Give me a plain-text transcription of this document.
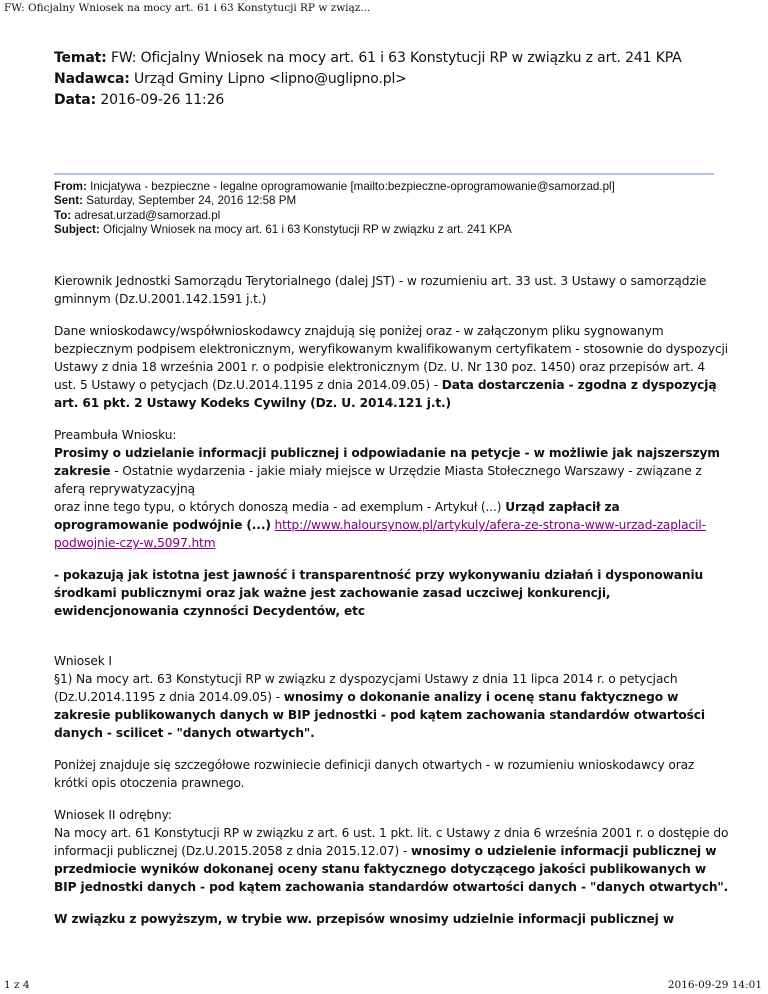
FW: Oficjalny Wniosek na mocy art. 61 i 63 Konstytucji RP w związ...
Temat: FW: Oficjalny Wniosek na mocy art. 61 i 63 Konstytucji RP w związku z art. 241 KPA
Nadawca: Urząd Gminy Lipno <lipno@uglipno.pl>
Data: 2016-09-26 11:26
From: Inicjatywa - bezpieczne - legalne oprogramowanie [mailto:bezpieczne-oprogramowanie@samorzad.pl]
Sent: Saturday, September 24, 2016 12:58 PM
To: adresat.urzad@samorzad.pl
Subject: Oficjalny Wniosek na mocy art. 61 i 63 Konstytucji RP w związku z art. 241 KPA

Kierownik Jednostki Samorządu Terytorialnego (dalej JST) - w rozumieniu art. 33 ust. 3 Ustawy o samorządzie gminnym (Dz.U.2001.142.1591 j.t.)

Dane wnioskodawcy/współwnioskodawcy znajdują się poniżej oraz - w załączonym pliku sygnowanym bezpiecznym podpisem elektronicznym, weryfikowanym kwalifikowanym certyfikatem - stosownie do dyspozycji Ustawy z dnia 18 września 2001 r. o podpisie elektronicznym (Dz. U. Nr 130 poz. 1450) oraz przepisów art. 4 ust. 5 Ustawy o petycjach (Dz.U.2014.1195 z dnia 2014.09.05) - Data dostarczenia - zgodna z dyspozycją art. 61 pkt. 2 Ustawy Kodeks Cywilny (Dz. U. 2014.121 j.t.)

Preambuła Wniosku:
Prosimy o udzielanie informacji publicznej i odpowiadanie na petycje - w możliwie jak najszerszym zakresie - Ostatnie wydarzenia - jakie miały miejsce w Urzędzie Miasta Stołecznego Warszawy - związane z aferą reprywatyzacyjną
oraz inne tego typu, o których donoszą media - ad exemplum - Artykuł (...) Urząd zapłacił za oprogramowanie podwójnie (...) http://www.haloursynow.pl/artykuly/afera-ze-strona-www-urzad-zaplacil-podwojnie-czy-w,5097.htm

- pokazują jak istotna jest jawność i transparentność przy wykonywaniu działań i dysponowaniu środkami publicznymi oraz jak ważne jest zachowanie zasad uczciwej konkurencji, ewidencjonowania czynności Decydentów, etc

Wniosek I
§1) Na mocy art. 63 Konstytucji RP w związku z dyspozycjami Ustawy z dnia 11 lipca 2014 r. o petycjach (Dz.U.2014.1195 z dnia 2014.09.05) - wnosimy o dokonanie analizy i ocenę stanu faktycznego w zakresie publikowanych danych w BIP jednostki - pod kątem zachowania standardów otwartości danych - scilicet - "danych otwartych".

Poniżej znajduje się szczegółowe rozwiniecie definicji danych otwartych - w rozumieniu wnioskodawcy oraz krótki opis otoczenia prawnego.

Wniosek II odrębny:
Na mocy art. 61 Konstytucji RP w związku z art. 6 ust. 1 pkt. lit. c Ustawy z dnia 6 września 2001 r. o dostępie do informacji publicznej (Dz.U.2015.2058 z dnia 2015.12.07) - wnosimy o udzielenie informacji publicznej w przedmiocie wyników dokonanej oceny stanu faktycznego dotyczącego jakości publikowanych w BIP jednostki danych - pod kątem zachowania standardów otwartości danych - "danych otwartych".

W związku z powyższym, w trybie ww. przepisów wnosimy udzielnie informacji publicznej w

1 z 4	2016-09-29 14:01
